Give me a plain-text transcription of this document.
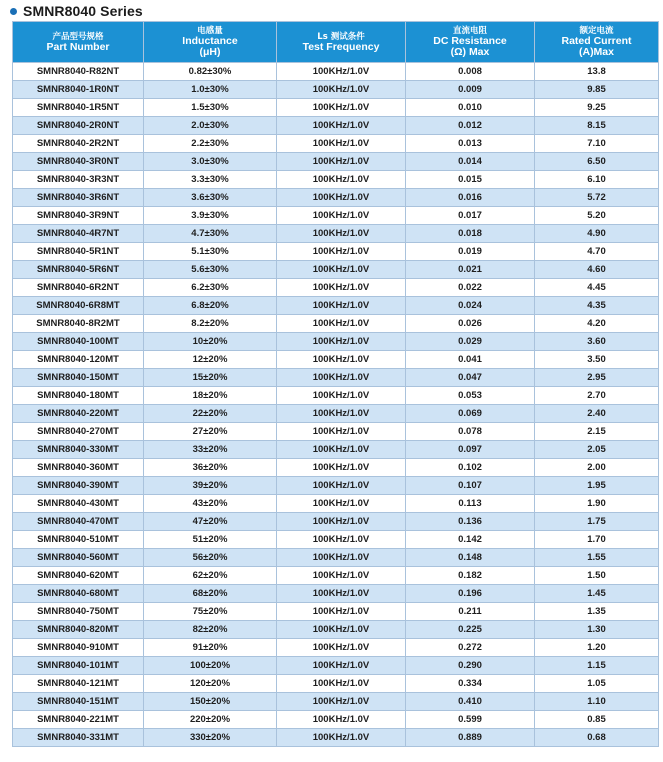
SMNR8040 Series
产品型号规格
Part Number	电感量
Inductance
(μH)	Ls 测试条件
Test Frequency	直流电阻
DC Resistance
(Ω) Max	额定电流
Rated Current
(A)Max

SMNR8040-R82NT	0.82±30%	100KHz/1.0V	0.008	13.8
SMNR8040-1R0NT	1.0±30%	100KHz/1.0V	0.009	9.85
SMNR8040-1R5NT	1.5±30%	100KHz/1.0V	0.010	9.25
SMNR8040-2R0NT	2.0±30%	100KHz/1.0V	0.012	8.15
SMNR8040-2R2NT	2.2±30%	100KHz/1.0V	0.013	7.10
SMNR8040-3R0NT	3.0±30%	100KHz/1.0V	0.014	6.50
SMNR8040-3R3NT	3.3±30%	100KHz/1.0V	0.015	6.10
SMNR8040-3R6NT	3.6±30%	100KHz/1.0V	0.016	5.72
SMNR8040-3R9NT	3.9±30%	100KHz/1.0V	0.017	5.20
SMNR8040-4R7NT	4.7±30%	100KHz/1.0V	0.018	4.90
SMNR8040-5R1NT	5.1±30%	100KHz/1.0V	0.019	4.70
SMNR8040-5R6NT	5.6±30%	100KHz/1.0V	0.021	4.60
SMNR8040-6R2NT	6.2±30%	100KHz/1.0V	0.022	4.45
SMNR8040-6R8MT	6.8±20%	100KHz/1.0V	0.024	4.35
SMNR8040-8R2MT	8.2±20%	100KHz/1.0V	0.026	4.20
SMNR8040-100MT	10±20%	100KHz/1.0V	0.029	3.60
SMNR8040-120MT	12±20%	100KHz/1.0V	0.041	3.50
SMNR8040-150MT	15±20%	100KHz/1.0V	0.047	2.95
SMNR8040-180MT	18±20%	100KHz/1.0V	0.053	2.70
SMNR8040-220MT	22±20%	100KHz/1.0V	0.069	2.40
SMNR8040-270MT	27±20%	100KHz/1.0V	0.078	2.15
SMNR8040-330MT	33±20%	100KHz/1.0V	0.097	2.05
SMNR8040-360MT	36±20%	100KHz/1.0V	0.102	2.00
SMNR8040-390MT	39±20%	100KHz/1.0V	0.107	1.95
SMNR8040-430MT	43±20%	100KHz/1.0V	0.113	1.90
SMNR8040-470MT	47±20%	100KHz/1.0V	0.136	1.75
SMNR8040-510MT	51±20%	100KHz/1.0V	0.142	1.70
SMNR8040-560MT	56±20%	100KHz/1.0V	0.148	1.55
SMNR8040-620MT	62±20%	100KHz/1.0V	0.182	1.50
SMNR8040-680MT	68±20%	100KHz/1.0V	0.196	1.45
SMNR8040-750MT	75±20%	100KHz/1.0V	0.211	1.35
SMNR8040-820MT	82±20%	100KHz/1.0V	0.225	1.30
SMNR8040-910MT	91±20%	100KHz/1.0V	0.272	1.20
SMNR8040-101MT	100±20%	100KHz/1.0V	0.290	1.15
SMNR8040-121MT	120±20%	100KHz/1.0V	0.334	1.05
SMNR8040-151MT	150±20%	100KHz/1.0V	0.410	1.10
SMNR8040-221MT	220±20%	100KHz/1.0V	0.599	0.85
SMNR8040-331MT	330±20%	100KHz/1.0V	0.889	0.68
